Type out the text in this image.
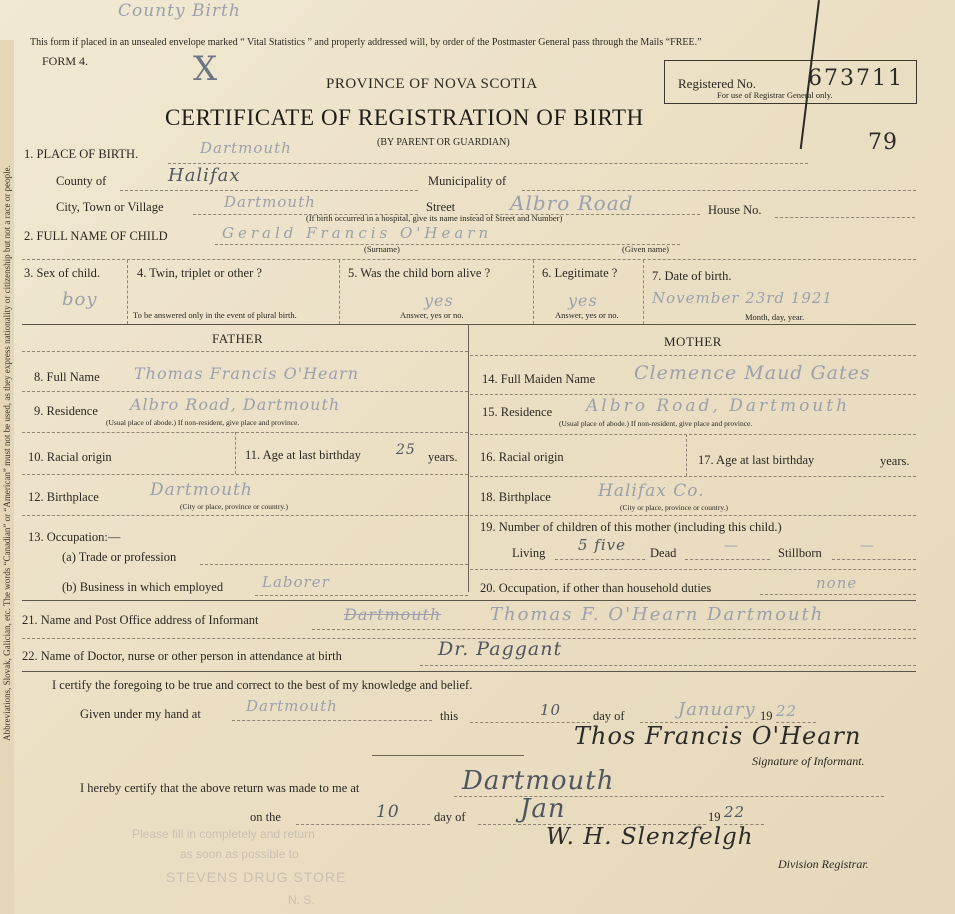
Abbreviations, Slovak, Galician, etc. The words “Canadian” or “American” must not be used, as they express nationality or citizenship but not a race or people.
County Birth
This form if placed in an unsealed envelope marked “ Vital Statistics ” and properly addressed will, by order of the Postmaster General pass through the Mails “FREE.”
FORM 4.	X	PROVINCE OF NOVA SCOTIA
CERTIFICATE OF REGISTRATION OF BIRTH
(BY PARENT OR GUARDIAN)
Registered No. 673711
For use of Registrar General only.
79
1. PLACE OF BIRTH.	Dartmouth
County of	Halifax	Municipality of
City, Town or Village	Dartmouth	Street	Albro Road	House No.
(If birth occurred in a hospital, give its name instead of Street and Number)
2. FULL NAME OF CHILD	Gerald Francis O'Hearn
(Surname)	(Given name)
3. Sex of child.
boy
4. Twin, triplet or other ?
To be answered only in the event of plural birth.
5. Was the child born alive ?
yes
Answer, yes or no.
6. Legitimate ?
yes
Answer, yes or no.
7. Date of birth.
November 23rd 1921
Month, day, year.
FATHER	MOTHER
8. Full Name Thomas Francis O'Hearn
9. Residence Albro Road, Dartmouth
(Usual place of abode.) If non-resident, give place and province.
10. Racial origin	11. Age at last birthday	25 years.
12. Birthplace	Dartmouth
(City or place, province or country.)
13. Occupation:—
(a) Trade or profession
(b) Business in which employed	Laborer
14. Full Maiden Name Clemence Maud Gates
15. Residence Albro Road, Dartmouth
(Usual place of abode.) If non-resident, give place and province.
16. Racial origin	17. Age at last birthday	years.
18. Birthplace	Halifax Co.
(City or place, province or country.)
19. Number of children of this mother (including this child.)
Living 5 five Dead	—	Stillborn	—
20. Occupation, if other than household duties	none
21. Name and Post Office address of Informant	Dartmouth	Thomas F. O'Hearn Dartmouth
22. Name of Doctor, nurse or other person in attendance at birth	Dr. Paggant
I certify the foregoing to be true and correct to the best of my knowledge and belief.
Given under my hand at	Dartmouth
this	10	day of	January 19 22
Thos Francis O'Hearn
Signature of Informant.
I hereby certify that the above return was made to me at	Dartmouth
on the	10	day of Jan	19 22
W. H. Slenzfelgh
Division Registrar.
Please fill in completely and return
as soon as possible to
STEVENS DRUG STORE
N. S.
